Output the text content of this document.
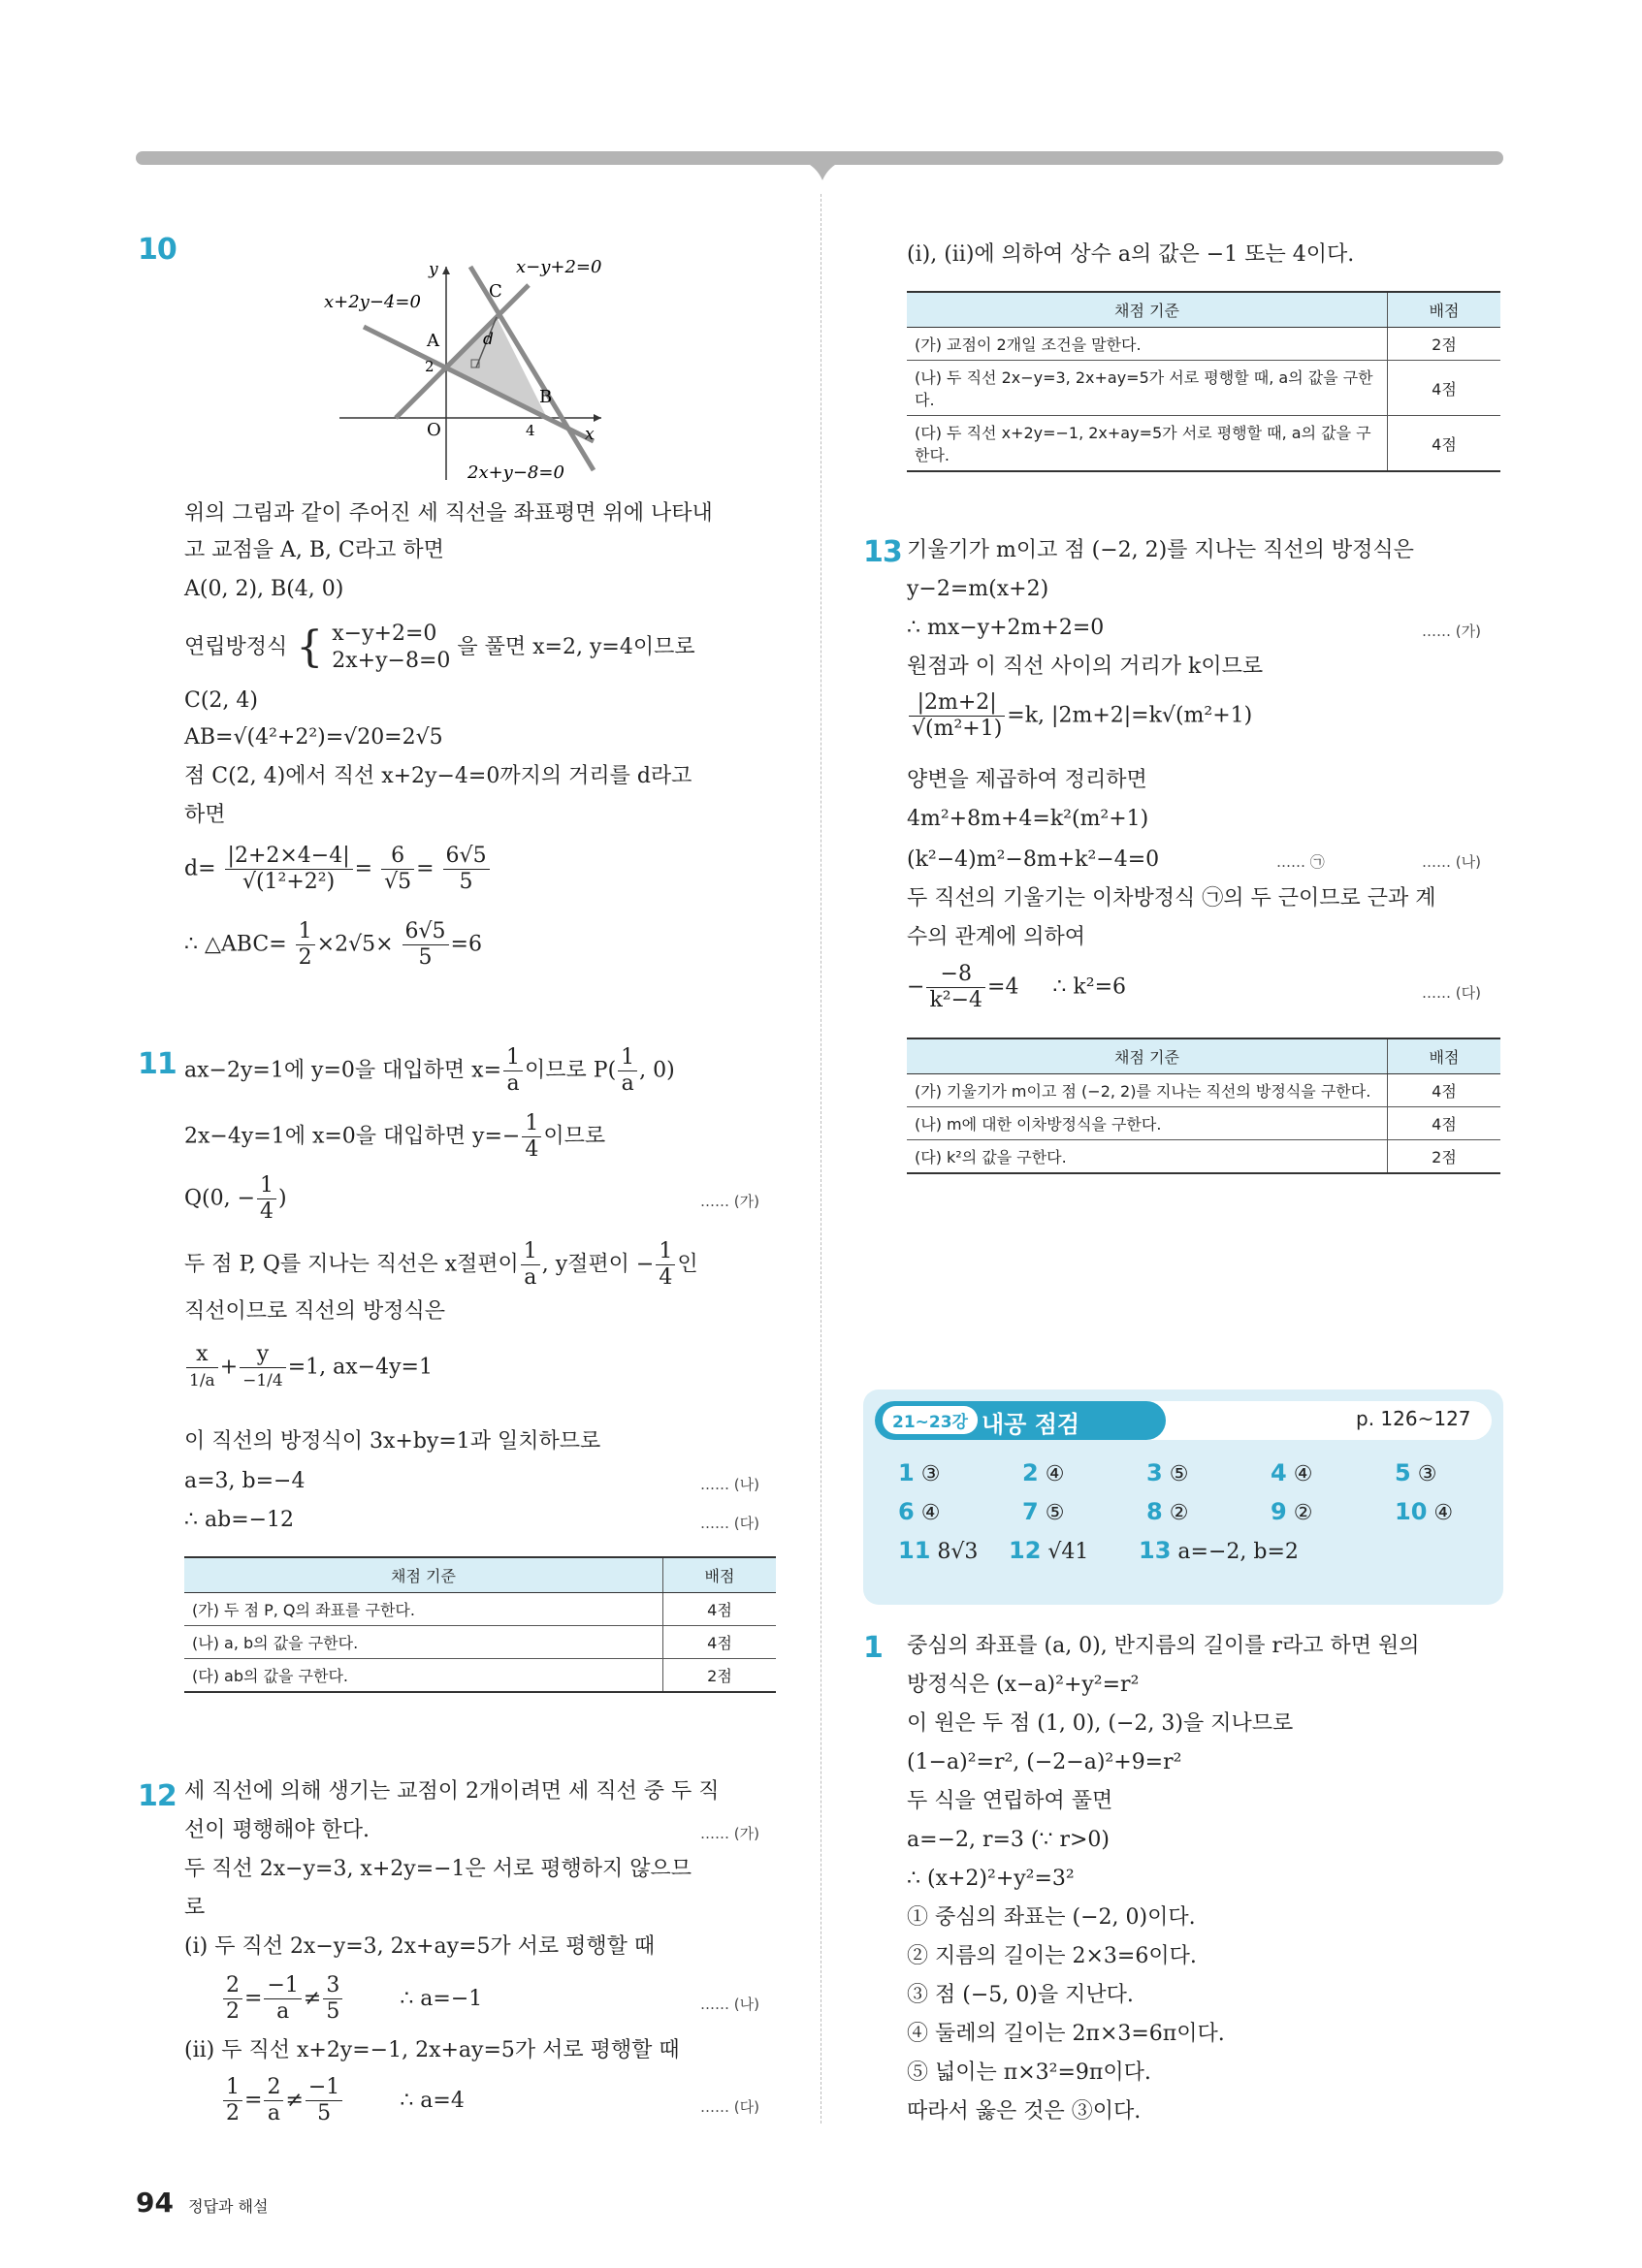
10
x−y+2=0
x+2y−4=0
2x+y−8=0
y
x
A
B
C
O
d
2
4
위의 그림과 같이 주어진 세 직선을 좌표평면 위에 나타내
고 교점을 A, B, C라고 하면
A(0, 2), B(4, 0)
연립방정식 { x−y+2=0
2x+y−8=0
을 풀면 x=2, y=4이므로
C(2, 4)
AB=√(4²+2²)=√20=2√5
점 C(2, 4)에서 직선 x+2y−4=0까지의 거리를 d라고
하면
$d= \frac{|2+2\times 4-4|}{\text{√(1²+2²)}} = \frac{6}{√5} = \frac{6√5}{5}$
∴ △ABC= $\frac{1}{2} \times 2√5\times \frac{6√5}{5} =6$
11 ax−2y=1에 y=0을 대입하면 $x= \frac{1}{a}$ 이므로 $P( \frac{1}{a}$ , 0)
2x−4y=1에 x=0을 대입하면 $y=- \frac{1}{4}$ 이므로
Q(0, − $\frac{1}{4}$ )	…… (가)
두 점 P, Q를 지나는 직선은 x절편이 $\frac{1}{a}$ , y절편이 − $\frac{1}{4}$ 인
직선이므로 직선의 방정식은
$\frac{x}{1/a} + \frac{y}{-1/4} =1$, ax−4y=1
이 직선의 방정식이 3x+by=1과 일치하므로
a=3, b=−4	…… (나)
∴ ab=−12	…… (다)
채점 기준	배점
(가) 두 점 P, Q의 좌표를 구한다.	4점
(나) a, b의 값을 구한다.	4점
(다) ab의 값을 구한다.	2점
12 세 직선에 의해 생기는 교점이 2개이려면 세 직선 중 두 직
선이 평행해야 한다.	…… (가)
두 직선 2x−y=3, x+2y=−1은 서로 평행하지 않으므
로
(ⅰ) 두 직선 2x−y=3, 2x+ay=5가 서로 평행할 때
$\frac{2}{2} = \frac{-1}{a} \ne \frac{3}{5}$	∴ a=−1	…… (나)
(ⅱ) 두 직선 x+2y=−1, 2x+ay=5가 서로 평행할 때
$\frac{1}{2} = \frac{2}{a} \ne \frac{-1}{5}$	∴ a=4	…… (다)
(ⅰ), (ⅱ)에 의하여 상수 a의 값은 −1 또는 4이다.
채점 기준	배점
(가) 교점이 2개일 조건을 말한다.	2점
(나) 두 직선 2x−y=3, 2x+ay=5가 서로 평행할 때, a의 값을 구한다.	4점
(다) 두 직선 x+2y=−1, 2x+ay=5가 서로 평행할 때, a의 값을 구한다.	4점
13 기울기가 m이고 점 (−2, 2)를 지나는 직선의 방정식은
y−2=m(x+2)
∴ mx−y+2m+2=0	…… (가)
원점과 이 직선 사이의 거리가 k이므로
$\frac{|2m+2|}{\text{√(m²+1)}} =k$, |2m+2|=k√(m²+1)
양변을 제곱하여 정리하면
4m²+8m+4=k²(m²+1)
(k²−4)m²−8m+k²−4=0	…… ㉠	…… (나)
두 직선의 기울기는 이차방정식 ㉠의 두 근이므로 근과 계
수의 관계에 의하여
− $\frac{-8}{\text{k²−4}} =4$     ∴ k²=6	…… (다)
채점 기준	배점
(가) 기울기가 m이고 점 (−2, 2)를 지나는 직선의 방정식을 구한다.	4점
(나) m에 대한 이차방정식을 구한다.	4점
(다) k²의 값을 구한다.	2점
21~23강 내공 점검	p. 126~127
1 ③	2 ④	3 ⑤	4 ④	5 ③
6 ④	7 ⑤	8 ②	9 ②	10 ④
11 8√3 12 √41 13 a=−2, b=2
1 중심의 좌표를 (a, 0), 반지름의 길이를 r라고 하면 원의
방정식은 (x−a)²+y²=r²
이 원은 두 점 (1, 0), (−2, 3)을 지나므로
(1−a)²=r², (−2−a)²+9=r²
두 식을 연립하여 풀면
a=−2, r=3 (∵ r>0)
∴ (x+2)²+y²=3²
① 중심의 좌표는 (−2, 0)이다.
② 지름의 길이는 2×3=6이다.
③ 점 (−5, 0)을 지난다.
④ 둘레의 길이는 2π×3=6π이다.
⑤ 넓이는 π×3²=9π이다.
따라서 옳은 것은 ③이다.
94 정답과 해설
